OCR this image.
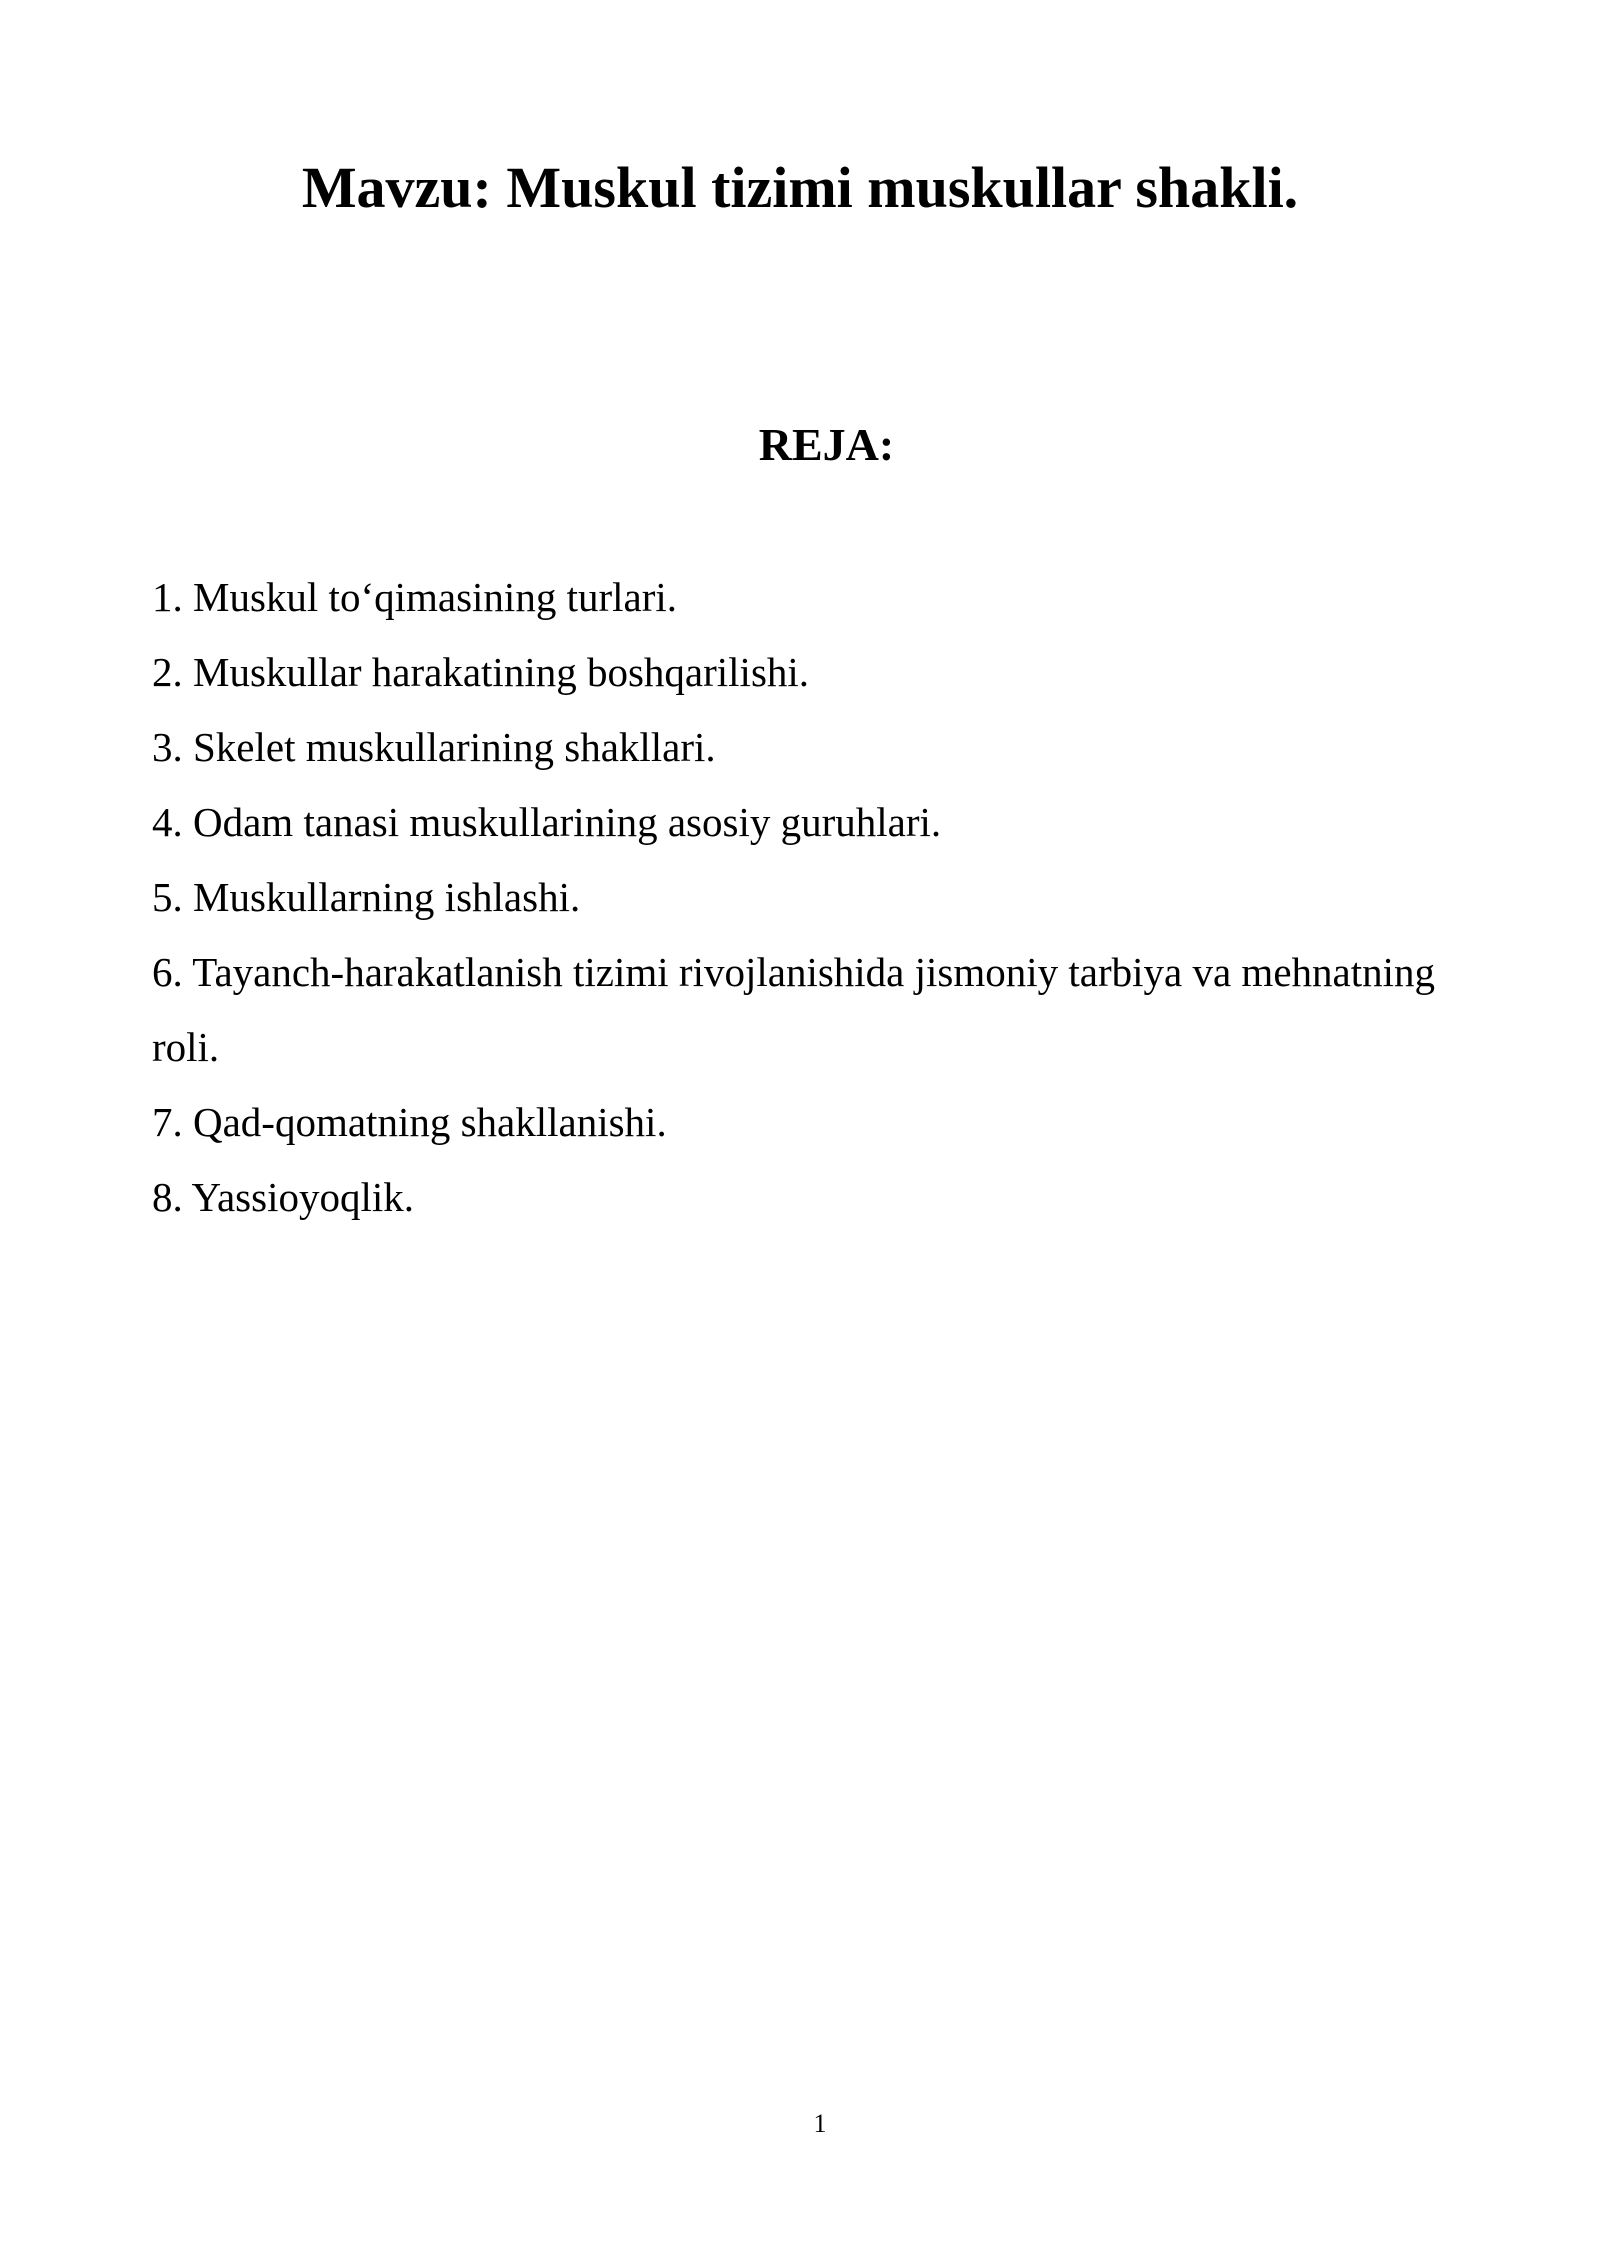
Mavzu: Muskul tizimi muskullar shakli.
REJA:
1. Muskul to‘qimasining turlari.
2. Muskullar harakatining boshqarilishi.
3. Skelet muskullarining shakllari.
4. Odam tanasi muskullarining asosiy guruhlari.
5. Muskullarning ishlashi.
6. Tayanch-harakatlanish tizimi rivojlanishida jismoniy tarbiya va mehnatning roli.
7. Qad-qomatning shakllanishi.
8. Yassioyoqlik.
1
